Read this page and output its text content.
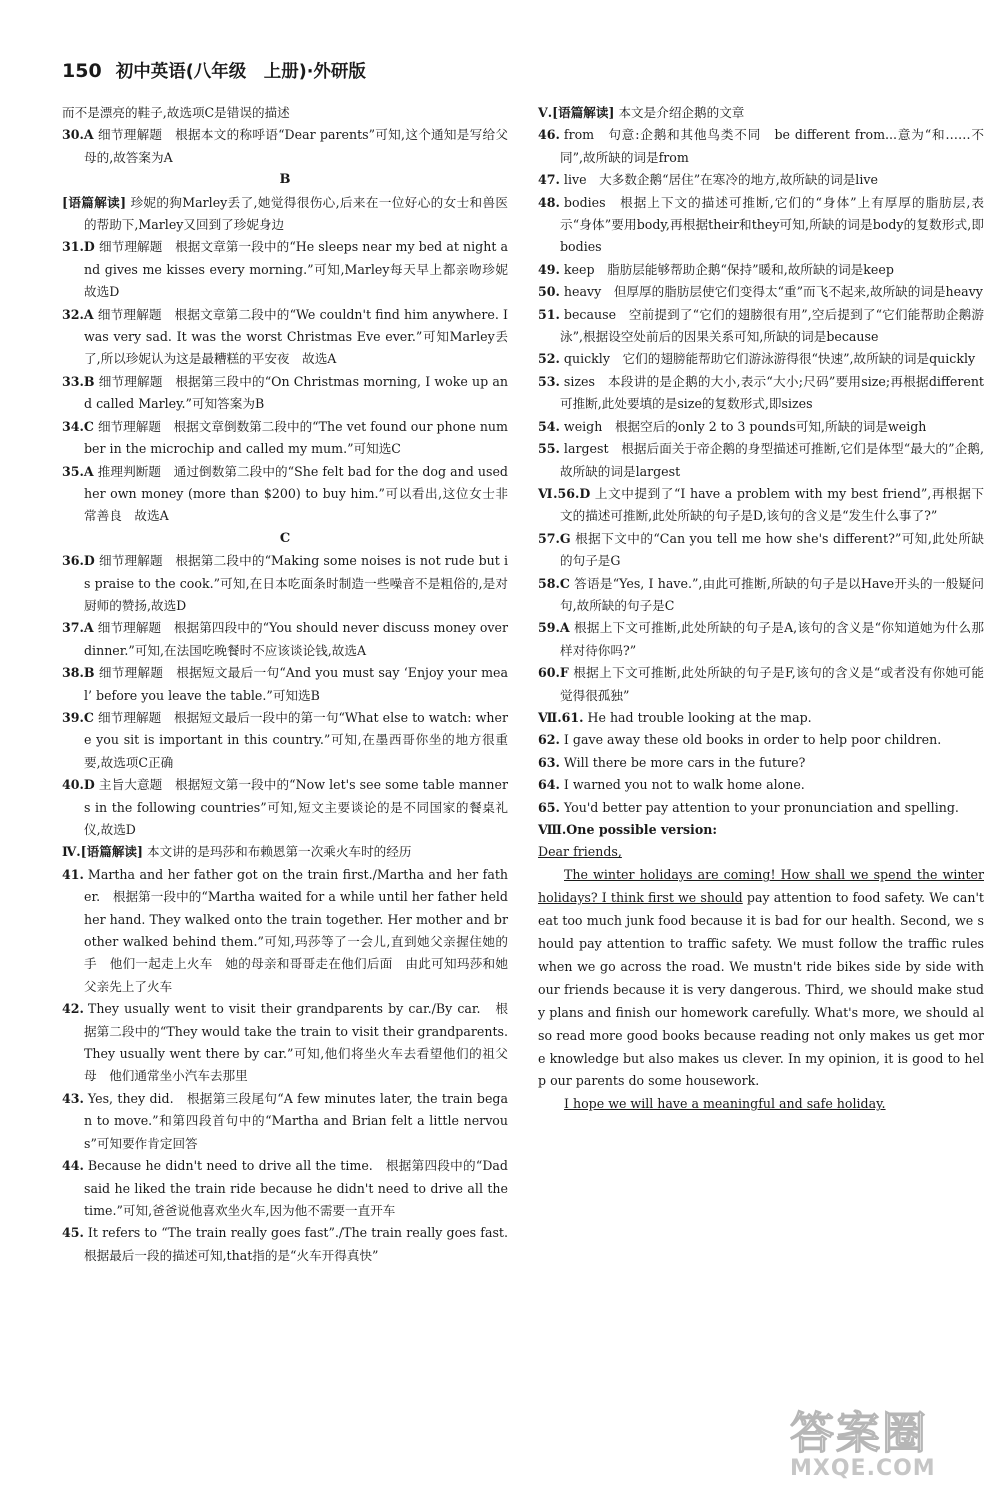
150 初中英语(八年级　上册)·外研版

而不是漂亮的鞋子,故选项C是错误的描述

30.A 细节理解题　根据本文的称呼语“Dear parents”可知,这个通知是写给父母的,故答案为A

B

[语篇解读] 珍妮的狗Marley丢了,她觉得很伤心,后来在一位好心的女士和兽医的帮助下,Marley又回到了珍妮身边

31.D 细节理解题　根据文章第一段中的“He sleeps near my bed at night and gives me kisses every morning.”可知,Marley每天早上都亲吻珍妮　故选D

32.A 细节理解题　根据文章第二段中的“We couldn't find him anywhere. I was very sad. It was the worst Christmas Eve ever.”可知Marley丢了,所以珍妮认为这是最糟糕的平安夜　故选A

33.B 细节理解题　根据第三段中的“On Christmas morning, I woke up and called Marley.”可知答案为B

34.C 细节理解题　根据文章倒数第二段中的“The vet found our phone number in the microchip and called my mum.”可知选C

35.A 推理判断题　通过倒数第二段中的“She felt bad for the dog and used her own money (more than $200) to buy him.”可以看出,这位女士非常善良　故选A

C

36.D 细节理解题　根据第二段中的“Making some noises is not rude but is praise to the cook.”可知,在日本吃面条时制造一些噪音不是粗俗的,是对厨师的赞扬,故选D

37.A 细节理解题　根据第四段中的“You should never discuss money over dinner.”可知,在法国吃晚餐时不应该谈论钱,故选A

38.B 细节理解题　根据短文最后一句“And you must say ‘Enjoy your meal’ before you leave the table.”可知选B

39.C 细节理解题　根据短文最后一段中的第一句“What else to watch: where you sit is important in this country.”可知,在墨西哥你坐的地方很重要,故选项C正确

40.D 主旨大意题　根据短文第一段中的“Now let's see some table manners in the following countries”可知,短文主要谈论的是不同国家的餐桌礼仪,故选D

Ⅳ.[语篇解读] 本文讲的是玛莎和布赖恩第一次乘火车时的经历

41. Martha and her father got on the train first./Martha and her father.　根据第一段中的“Martha waited for a while until her father held her hand. They walked onto the train together. Her mother and brother walked behind them.”可知,玛莎等了一会儿,直到她父亲握住她的手　他们一起走上火车　她的母亲和哥哥走在他们后面　由此可知玛莎和她父亲先上了火车

42. They usually went to visit their grandparents by car./By car.　根据第二段中的“They would take the train to visit their grandparents. They usually went there by car.”可知,他们将坐火车去看望他们的祖父母　他们通常坐小汽车去那里

43. Yes, they did.　根据第三段尾句“A few minutes later, the train began to move.”和第四段首句中的“Martha and Brian felt a little nervous”可知要作肯定回答

44. Because he didn't need to drive all the time.　根据第四段中的“Dad said he liked the train ride because he didn't need to drive all the time.”可知,爸爸说他喜欢坐火车,因为他不需要一直开车

45. It refers to “The train really goes fast”./The train really goes fast.　根据最后一段的描述可知,that指的是“火车开得真快”

Ⅴ.[语篇解读] 本文是介绍企鹅的文章

46. from　句意:企鹅和其他鸟类不同　be different from...意为“和……不同”,故所缺的词是from

47. live　大多数企鹅“居住”在寒冷的地方,故所缺的词是live

48. bodies　根据上下文的描述可推断,它们的“身体”上有厚厚的脂肪层,表示“身体”要用body,再根据their和they可知,所缺的词是body的复数形式,即bodies

49. keep　脂肪层能够帮助企鹅“保持”暖和,故所缺的词是keep

50. heavy　但厚厚的脂肪层使它们变得太“重”而飞不起来,故所缺的词是heavy

51. because　空前提到了“它们的翅膀很有用”,空后提到了“它们能帮助企鹅游泳”,根据设空处前后的因果关系可知,所缺的词是because

52. quickly　它们的翅膀能帮助它们游泳游得很“快速”,故所缺的词是quickly

53. sizes　本段讲的是企鹅的大小,表示“大小;尺码”要用size;再根据different可推断,此处要填的是size的复数形式,即sizes

54. weigh　根据空后的only 2 to 3 pounds可知,所缺的词是weigh

55. largest　根据后面关于帝企鹅的身型描述可推断,它们是体型“最大的”企鹅,故所缺的词是largest

Ⅵ.56.D 上文中提到了“I have a problem with my best friend”,再根据下文的描述可推断,此处所缺的句子是D,该句的含义是“发生什么事了?”

57.G 根据下文中的“Can you tell me how she's different?”可知,此处所缺的句子是G

58.C 答语是“Yes, I have.”,由此可推断,所缺的句子是以Have开头的一般疑问句,故所缺的句子是C

59.A 根据上下文可推断,此处所缺的句子是A,该句的含义是“你知道她为什么那样对待你吗?”

60.F 根据上下文可推断,此处所缺的句子是F,该句的含义是“或者没有你她可能觉得很孤独”

Ⅶ.61. He had trouble looking at the map.

62. I gave away these old books in order to help poor children.

63. Will there be more cars in the future?

64. I warned you not to walk home alone.

65. You'd better pay attention to your pronunciation and spelling.

Ⅷ.One possible version:

Dear friends,

The winter holidays are coming! How shall we spend the winter holidays? I think first we should pay attention to food safety. We can't eat too much junk food because it is bad for our health. Second, we should pay attention to traffic safety. We must follow the traffic rules when we go across the road. We mustn't ride bikes side by side with our friends because it is very dangerous. Third, we should make study plans and finish our homework carefully. What's more, we should also read more good books because reading not only makes us get more knowledge but also makes us clever. In my opinion, it is good to help our parents do some housework.

I hope we will have a meaningful and safe holiday.

答案圈
MXQE.COM
